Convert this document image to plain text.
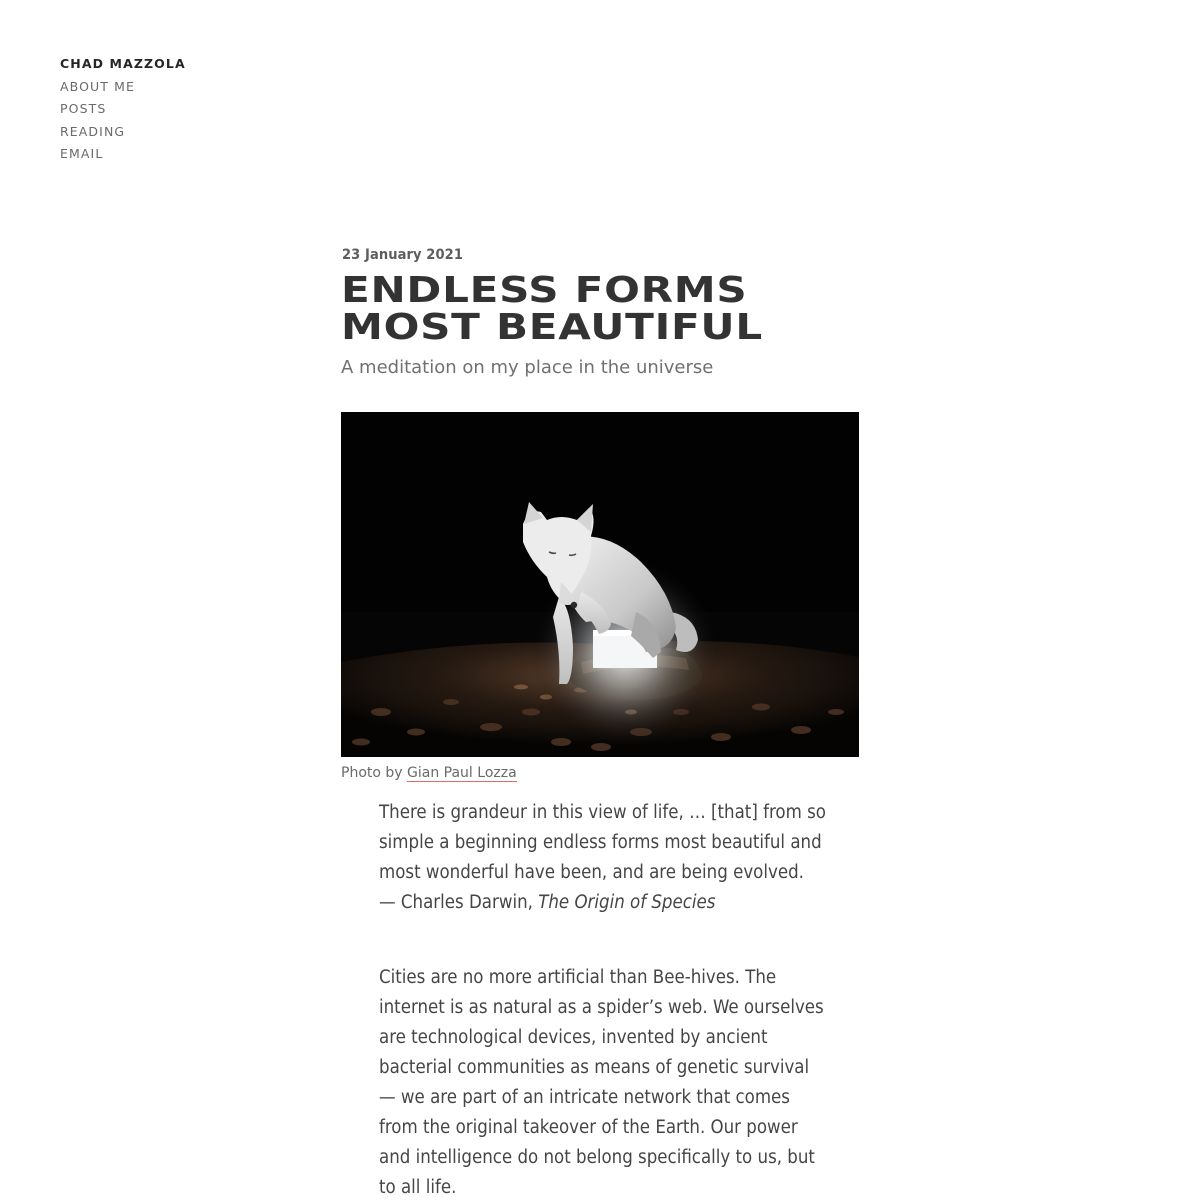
CHAD MAZZOLA
ABOUT ME
POSTS
READING
EMAIL
23 January 2021
ENDLESS FORMS
MOST BEAUTIFUL
A meditation on my place in the universe
Photo by Gian Paul Lozza
There is grandeur in this view of life, … [that] from so simple a beginning endless forms most beautiful and most wonderful have been, and are being evolved.
— Charles Darwin, The Origin of Species

Cities are no more artificial than Bee-hives. The internet is as natural as a spider’s web. We ourselves are technological devices, invented by ancient bacterial communities as means of genetic survival — we are part of an intricate network that comes from the original takeover of the Earth. Our power and intelligence do not belong specifically to us, but to all life.
